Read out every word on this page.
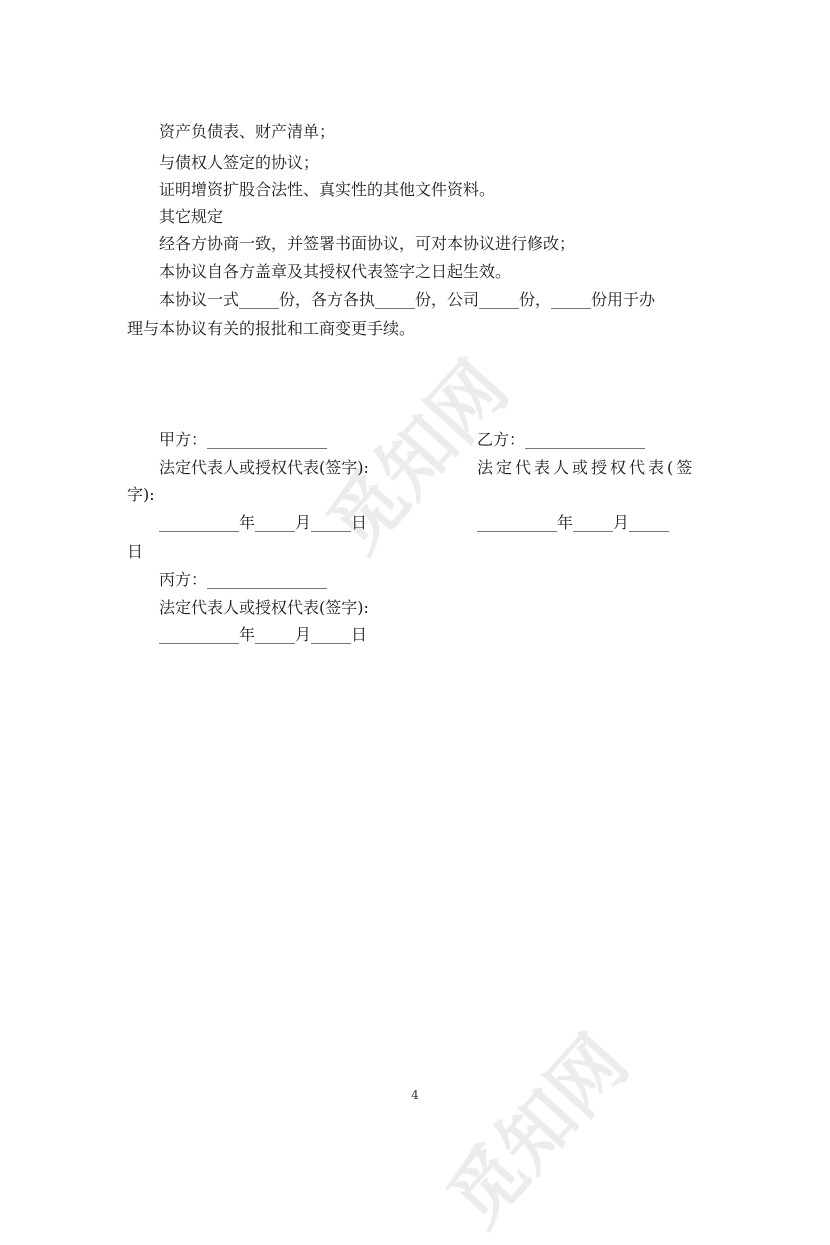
觅知网
觅知网
资产负债表、财产清单；
与债权人签定的协议；
证明增资扩股合法性、真实性的其他文件资料。
其它规定
经各方协商一致，并签署书面协议，可对本协议进行修改；
本协议自各方盖章及其授权代表签字之日起生效。
本协议一式_____份，各方各执_____份，公司_____份，_____份用于办
理与本协议有关的报批和工商变更手续。
甲方：_______________
法定代表人或授权代表(签字):
字):
__________年_____月_____日
日
乙方：_______________
法定代表人或授权代表(签
__________年_____月_____
丙方：_______________
法定代表人或授权代表(签字):
__________年_____月_____日
4
